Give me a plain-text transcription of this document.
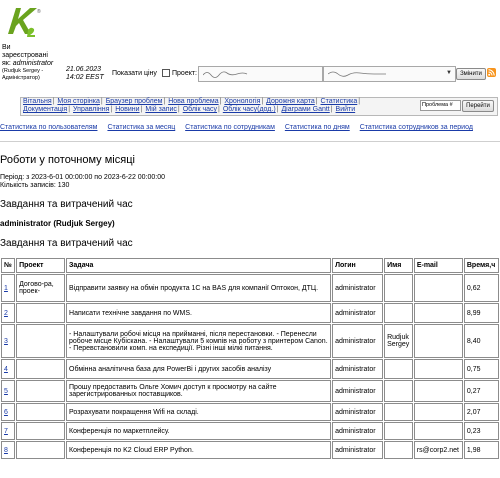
®
Ви
зареєстровані
як: administrator
(Rudjuk Sergey -
Адміністратор)
21.06.2023
14:02 EEST
Показати ціну Проект:	▼	Змінити
Вітальня| Моя сторінка| Браузер проблем| Нова проблема| Хронологія| Дорожня карта| Статистика|
Документація| Управління| Новини| Мій запис| Облік часу| Облік часу(дод.)| Діаграми Gantt| Вийти
Проблема #	Перейти
Статистика по пользователям Статистика за месяц Статистика по сотрудникам Статистика по дням Статистика сотрудников за период
Роботи у поточному місяці
Період: з 2023-6-01 00:00:00 по 2023-6-22 00:00:00
Кількість записів: 130
Завдання та витрачений час
administrator (Rudjuk Sergey)
Завдання та витрачений час
№	Проект	Задача	Логин	Имя	E-mail	Время,ч
1	Догово-ра, проек-	Відправити заявку на обмін продукта 1С на BAS для компанії Оптокон, ДТЦ.	administrator			0,62
2		Написати технічне завдання по WMS.	administrator			8,99
3		- Налаштували робочі місця на прийманні, після перестановки. - Перенесли робоче місце Кубіскана. - Налаштували 5 компів на роботу з принтером Canon. - Перевстановили комп. на експедиції. Різні інші мілкі питання.	administrator	Rudjuk Sergey		8,40
4		Обмінна аналітична база для PowerBi і других засобів аналізу	administrator			0,75
5		Прошу предоставить Ольге Хомич доступ к просмотру на сайте зарегистрированных поставщиков.	administrator			0,27
6		Розрахувати покращення Wifi на складі.	administrator			2,07
7		Конференція по маркетплейсу.	administrator			0,23
8		Конференція по K2 Cloud ERP Python.	administrator		rs@corp2.net	1,98
